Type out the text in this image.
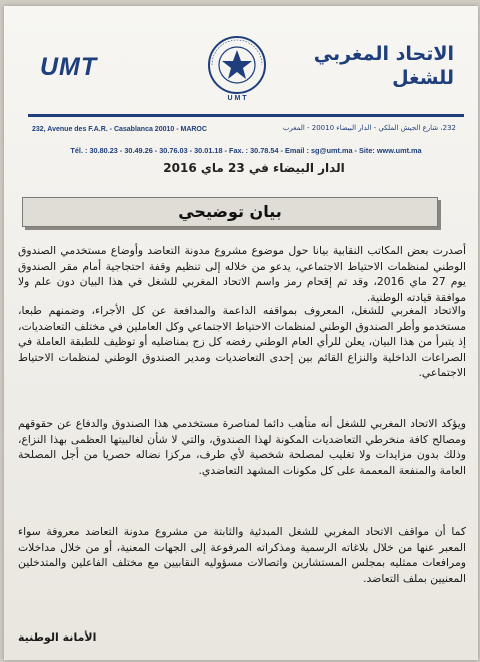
UMT
U M T
الاتحاد المغربي للشغل
232, Avenue des F.A.R. - Casablanca 20010 - MAROC	232، شارع الجيش الملكي - الدار البيضاء 20010 - المغرب
Tél. : 30.80.23 - 30.49.26 - 30.76.03 - 30.01.18 - Fax. : 30.78.54 - Email : sg@umt.ma - Site: www.umt.ma
الدار البيضاء في 23 ماي 2016
بيان توضيحي

أصدرت بعض المكاتب النقابية بيانا حول موضوع مشروع مدونة التعاضد وأوضاع مستخدمي الصندوق الوطني لمنظمات الاحتياط الاجتماعي، يدعو من خلاله إلى تنظيم وقفة احتجاجية أمام مقر الصندوق يوم 27 ماي 2016، وقد تم إقحام رمز واسم الاتحاد المغربي للشغل في هذا البيان دون علم ولا موافقة قيادته الوطنية.

والاتحاد المغربي للشغل، المعروف بمواقفه الداعمة والمدافعة عن كل الأجراء، وضمنهم طبعا، مستخدمو وأطر الصندوق الوطني لمنظمات الاحتياط الاجتماعي وكل العاملين في مختلف التعاضديات، إذ يتبرأ من هذا البيان، يعلن للرأي العام الوطني رفضه كل زج بمناضليه أو توظيف للطبقة العاملة في الصراعات الداخلية والنزاع القائم بين إحدى التعاضديات ومدير الصندوق الوطني لمنظمات الاحتياط الاجتماعي.

ويؤكد الاتحاد المغربي للشغل أنه متأهب دائما لمناصرة مستخدمي هذا الصندوق والدفاع عن حقوقهم ومصالح كافة منخرطي التعاضديات المكونة لهذا الصندوق، والتي لا شأن لغالبيتها العظمى بهذا النزاع، وذلك بدون مزايدات ولا تغليب لمصلحة شخصية لأي طرف، مركزا نضاله حصريا من أجل المصلحة العامة والمنفعة المعممة على كل مكونات المشهد التعاضدي.

كما أن مواقف الاتحاد المغربي للشغل المبدئية والثابتة من مشروع مدونة التعاضد معروفة سواء المعبر عنها من خلال بلاغاته الرسمية ومذكراته المرفوعة إلى الجهات المعنية، أو من خلال مداخلات ومرافعات ممثليه بمجلس المستشارين واتصالات مسؤوليه النقابيين مع مختلف الفاعلين والمتدخلين المعنيين بملف التعاضد.

الأمانة الوطنية
